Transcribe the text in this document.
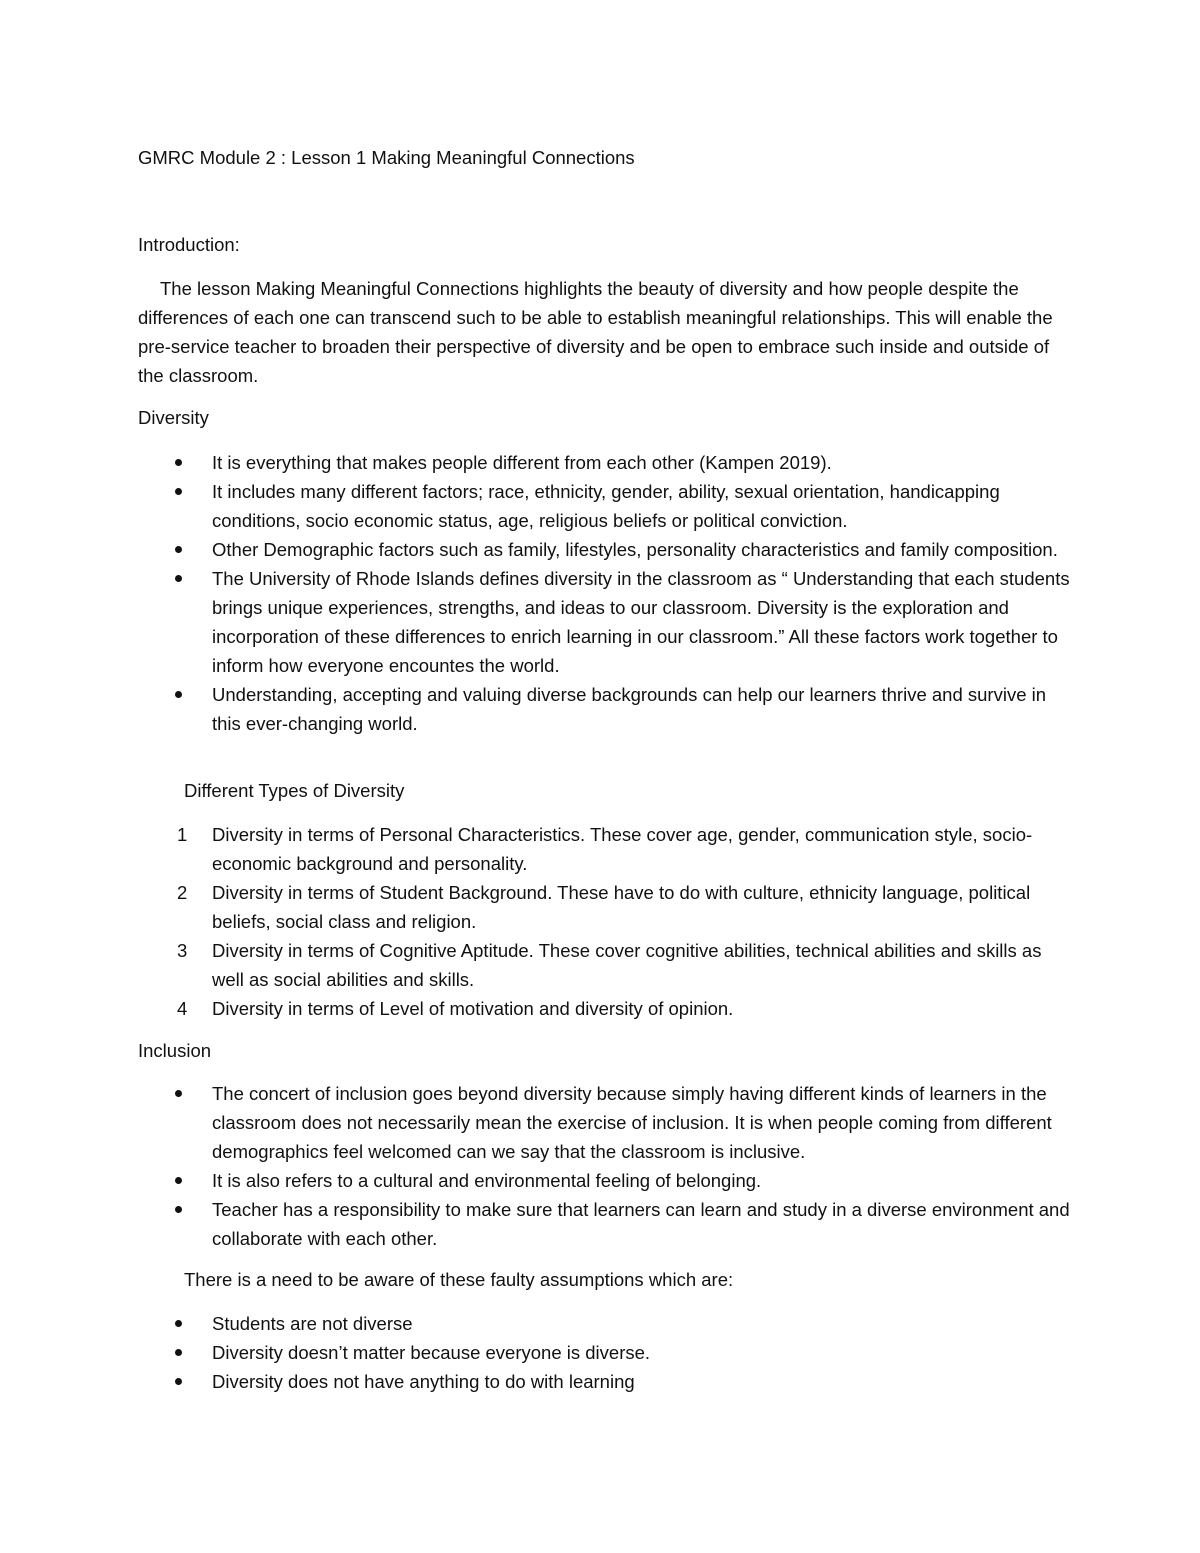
GMRC Module 2 : Lesson 1 Making Meaningful Connections
Introduction:

The lesson Making Meaningful Connections highlights the beauty of diversity and how people despite the differences of each one can transcend such to be able to establish meaningful relationships. This will enable the pre-service teacher to broaden their perspective of diversity and be open to embrace such inside and outside of the classroom.

Diversity
It is everything that makes people different from each other (Kampen 2019).
It includes many different factors; race, ethnicity, gender, ability, sexual orientation, handicapping conditions, socio economic status, age, religious beliefs or political conviction.
Other Demographic factors such as family, lifestyles, personality characteristics and family composition.
The University of Rhode Islands defines diversity in the classroom as “ Understanding that each students brings unique experiences, strengths, and ideas to our classroom. Diversity is the exploration and incorporation of these differences to enrich learning in our classroom.” All these factors work together to inform how everyone encountes the world.
Understanding, accepting and valuing diverse backgrounds can help our learners thrive and survive in this ever-changing world.
Different Types of Diversity
1	Diversity in terms of Personal Characteristics. These cover age, gender, communication style, socio-economic background and personality.
2	Diversity in terms of Student Background. These have to do with culture, ethnicity language, political beliefs, social class and religion.
3	Diversity in terms of Cognitive Aptitude. These cover cognitive abilities, technical abilities and skills as well as social abilities and skills.
4	Diversity in terms of Level of motivation and diversity of opinion.
Inclusion
The concert of inclusion goes beyond diversity because simply having different kinds of learners in the classroom does not necessarily mean the exercise of inclusion. It is when people coming from different demographics feel welcomed can we say that the classroom is inclusive.
It is also refers to a cultural and environmental feeling of belonging.
Teacher has a responsibility to make sure that learners can learn and study in a diverse environment and collaborate with each other.
There is a need to be aware of these faulty assumptions which are:
Students are not diverse
Diversity doesn’t matter because everyone is diverse.
Diversity does not have anything to do with learning
